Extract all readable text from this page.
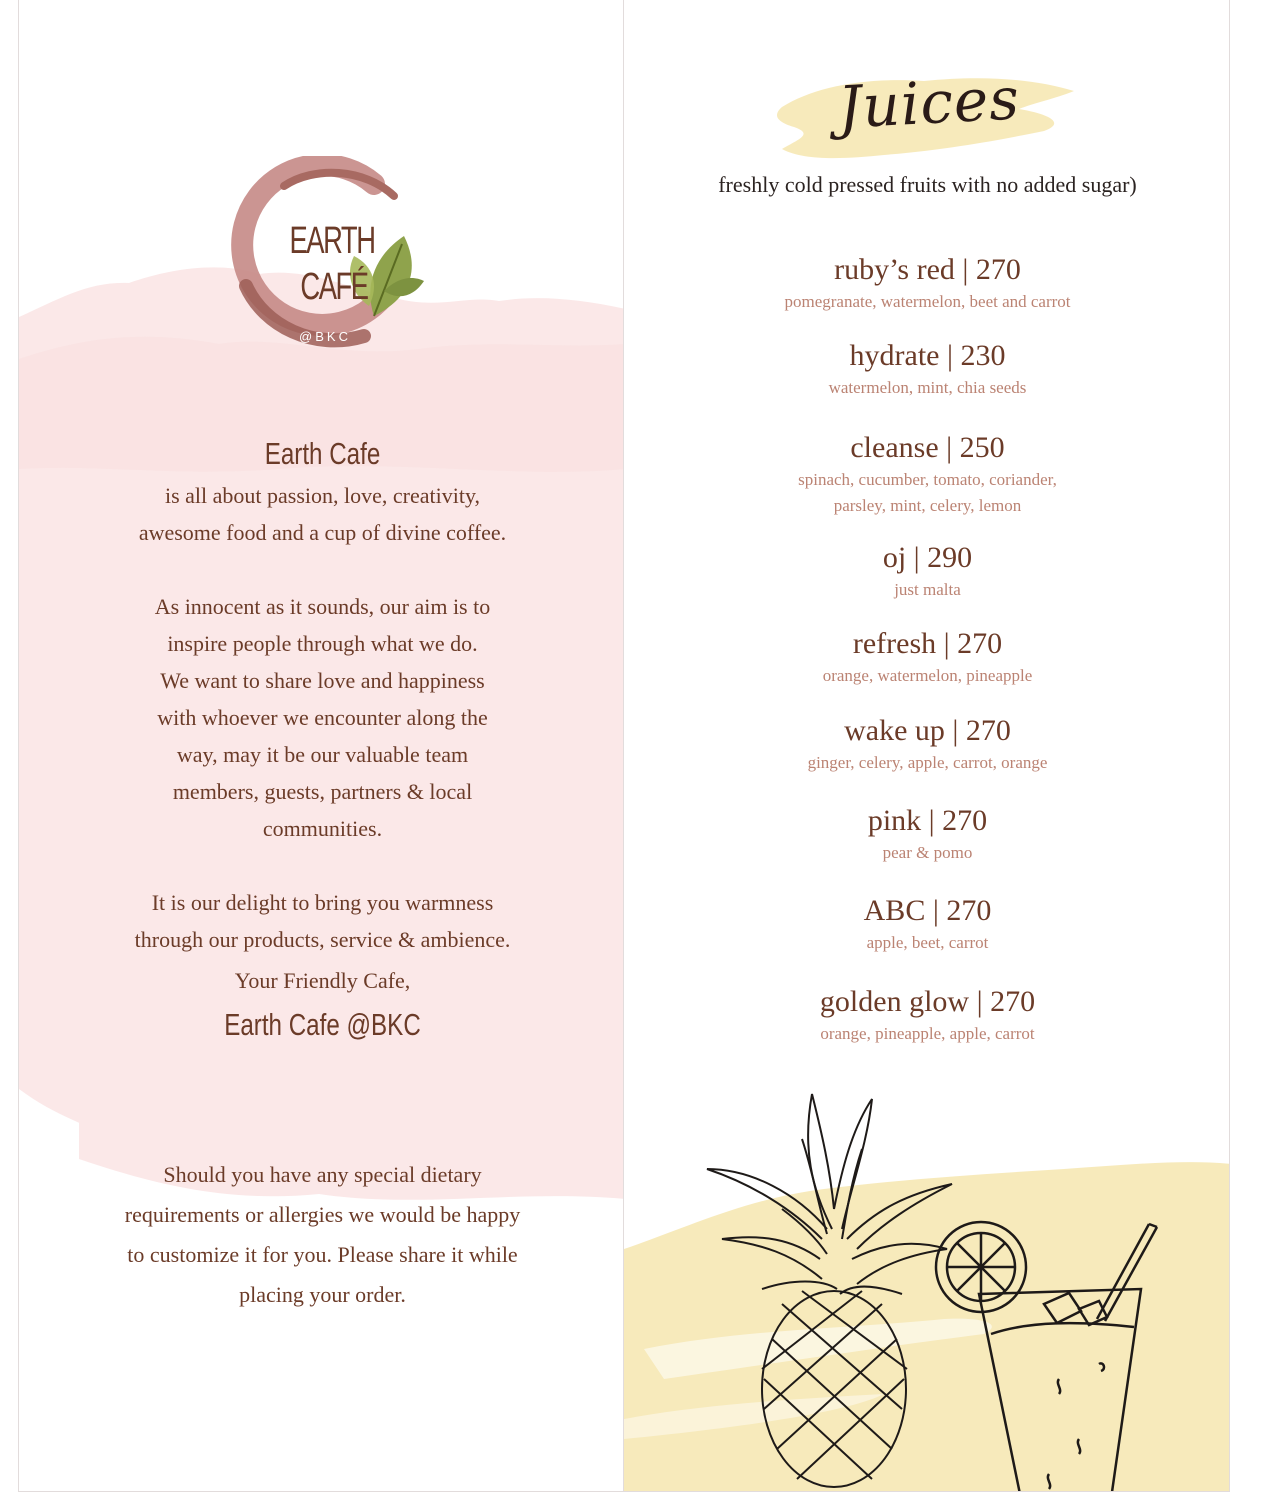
EARTH
CAFÉ
@BKC
Earth Cafe
is all about passion, love, creativity,
awesome food and a cup of divine coffee.
As innocent as it sounds, our aim is to
inspire people through what we do.
We want to share love and happiness
with whoever we encounter along the
way, may it be our valuable team
members, guests, partners & local
communities.
It is our delight to bring you warmness
through our products, service & ambience.
Your Friendly Cafe,
Earth Cafe @BKC
Should you have any special dietary
requirements or allergies we would be happy
to customize it for you. Please share it while
placing your order.
Juices
freshly cold pressed fruits with no added sugar)
ruby’s red | 270
pomegranate, watermelon, beet and carrot
hydrate | 230
watermelon, mint, chia seeds
cleanse | 250
spinach, cucumber, tomato, coriander,
parsley, mint, celery, lemon
oj | 290
just malta
refresh | 270
orange, watermelon, pineapple
wake up | 270
ginger, celery, apple, carrot, orange
pink | 270
pear & pomo
ABC | 270
apple, beet, carrot
golden glow | 270
orange, pineapple, apple, carrot
